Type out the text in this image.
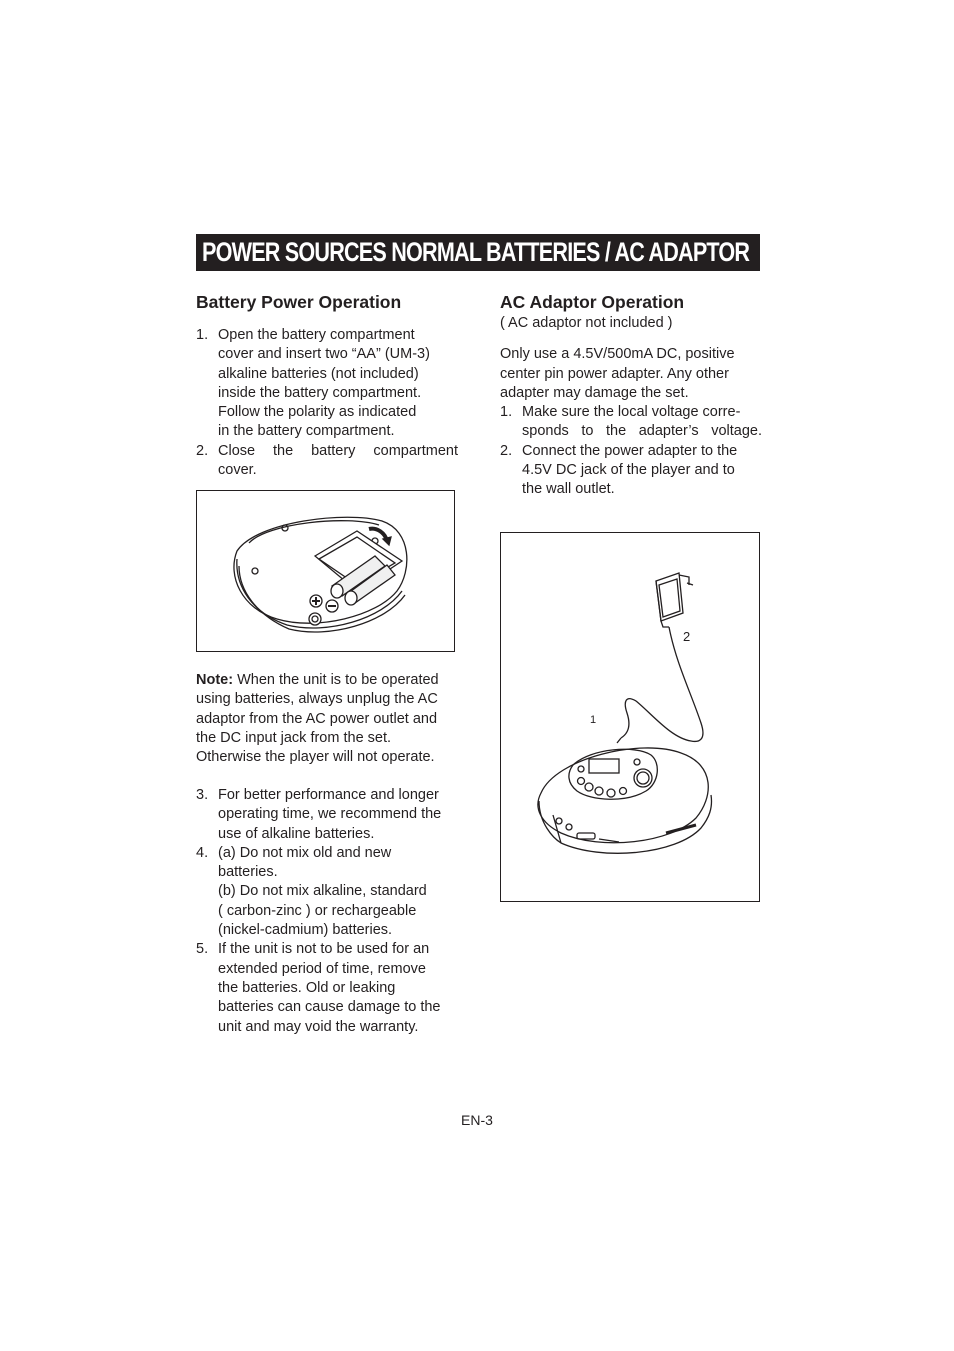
POWER SOURCES NORMAL BATTERIES / AC ADAPTOR
Battery Power Operation
1. Open the battery compartment
cover and insert two “AA” (UM-3)
alkaline batteries (not included)
inside the battery compartment.
Follow the polarity as indicated
in the battery compartment.
2. Close the battery compartment
cover.
Note: When the unit is to be operated
using batteries, always unplug the AC
adaptor from the AC power outlet and
the DC input jack from the set.
Otherwise the player will not operate.
3. For better performance and longer
operating time, we recommend the
use of alkaline batteries.
4. (a) Do not mix old and new
batteries.
(b) Do not mix alkaline, standard
( carbon-zinc ) or rechargeable
(nickel-cadmium) batteries.
5. If the unit is not to be used for an
extended period of time, remove
the batteries. Old or leaking
batteries can cause damage to the
unit and may void the warranty.
AC Adaptor Operation

( AC adaptor not included )

Only use a 4.5V/500mA DC, positive
center pin power adapter. Any other
adapter may damage the set.
1. Make sure the local voltage corre-
sponds to the adapter’s voltage.
2. Connect the power adapter to the
4.5V DC jack of the player and to
the wall outlet.
2
1
EN-3
